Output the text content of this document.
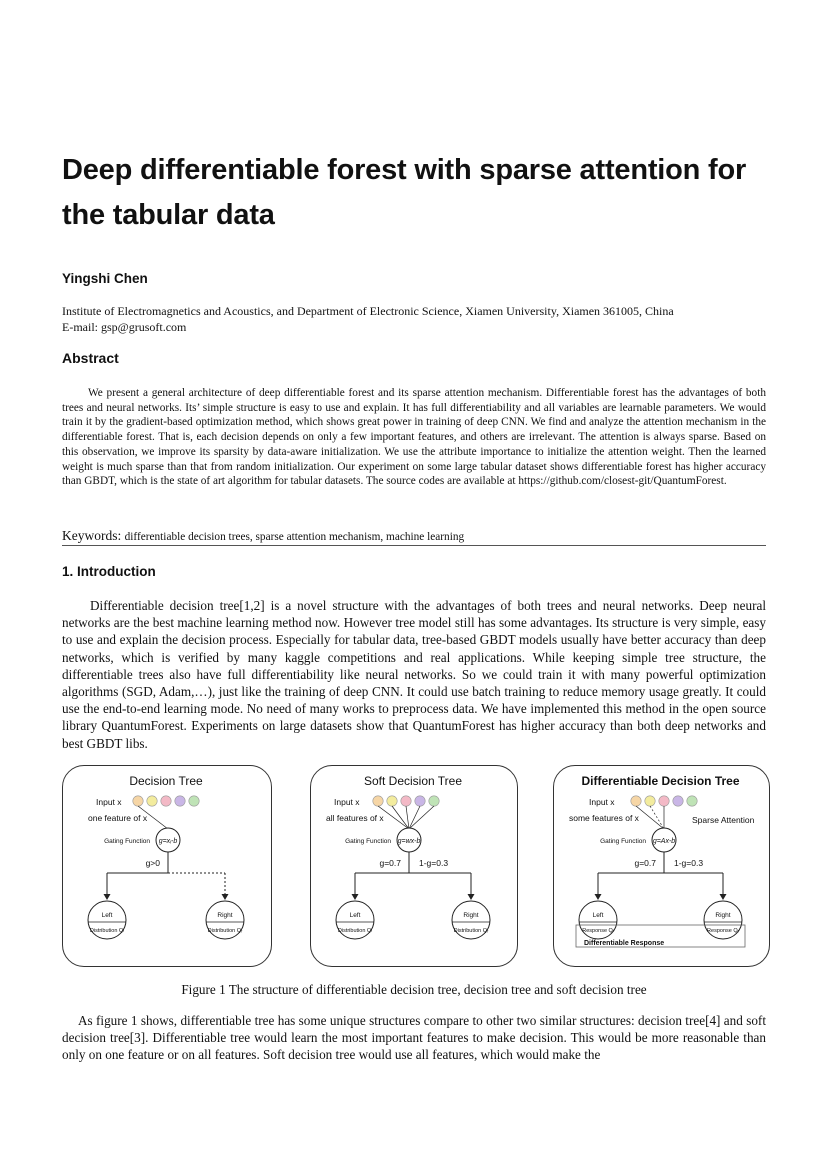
Deep differentiable forest with sparse attention for the tabular data
Yingshi Chen
Institute of Electromagnetics and Acoustics, and Department of Electronic Science, Xiamen University, Xiamen 361005, China
E-mail: gsp@grusoft.com
Abstract
We present a general architecture of deep differentiable forest and its sparse attention mechanism. Differentiable forest has the advantages of both trees and neural networks. Its’ simple structure is easy to use and explain. It has full differentiability and all variables are learnable parameters. We would train it by the gradient-based optimization method, which shows great power in training of deep CNN. We find and analyze the attention mechanism in the differentiable forest. That is, each decision depends on only a few important features, and others are irrelevant. The attention is always sparse. Based on this observation, we improve its sparsity by data-aware initialization. We use the attribute importance to initialize the attention weight. Then the learned weight is much sparse than that from random initialization. Our experiment on some large tabular dataset shows differentiable forest has higher accuracy than GBDT, which is the state of art algorithm for tabular datasets. The source codes are available at https://github.com/closest-git/QuantumForest.
Keywords: differentiable decision trees, sparse attention mechanism, machine learning
1. Introduction
Differentiable decision tree[1,2] is a novel structure with the advantages of both trees and neural networks. Deep neural networks are the best machine learning method now. However tree model still has some advantages. Its structure is very simple, easy to use and explain the decision process. Especially for tabular data, tree-based GBDT models usually have better accuracy than deep networks, which is verified by many kaggle competitions and real applications. While keeping simple tree structure, the differentiable trees also have full differentiability like neural networks. So we could train it with many powerful optimization algorithms (SGD, Adam,…), just like the training of deep CNN. It could use batch training to reduce memory usage greatly. It could use the end-to-end learning mode. No need of many works to preprocess data. We have implemented this method in the open source library QuantumForest. Experiments on large datasets show that QuantumForest has higher accuracy than both deep networks and best GBDT libs.
Decision Tree
Input x
one feature of x
g=xᵢ-b
Gating Function
g>0
Left
Distribution Qₗ
Right
Distribution Qᵣ
Soft Decision Tree
Input x
all features of x
g=wx-b
Gating Function
g=0.7 1-g=0.3
Left
Distribution Qₗ
Right
Distribution Qᵣ
Differentiable Decision Tree
Input x
some features of x	Sparse Attention
g=Ax-b
Gating Function
g=0.7 1-g=0.3
Left
Response Qₗ
Right
Response Qᵣ
Differentiable Response
Figure 1 The structure of differentiable decision tree, decision tree and soft decision tree
As figure 1 shows, differentiable tree has some unique structures compare to other two similar structures: decision tree[4] and soft decision tree[3]. Differentiable tree would learn the most important features to make decision. This would be more reasonable than only on one feature or on all features. Soft decision tree would use all features, which would make the
